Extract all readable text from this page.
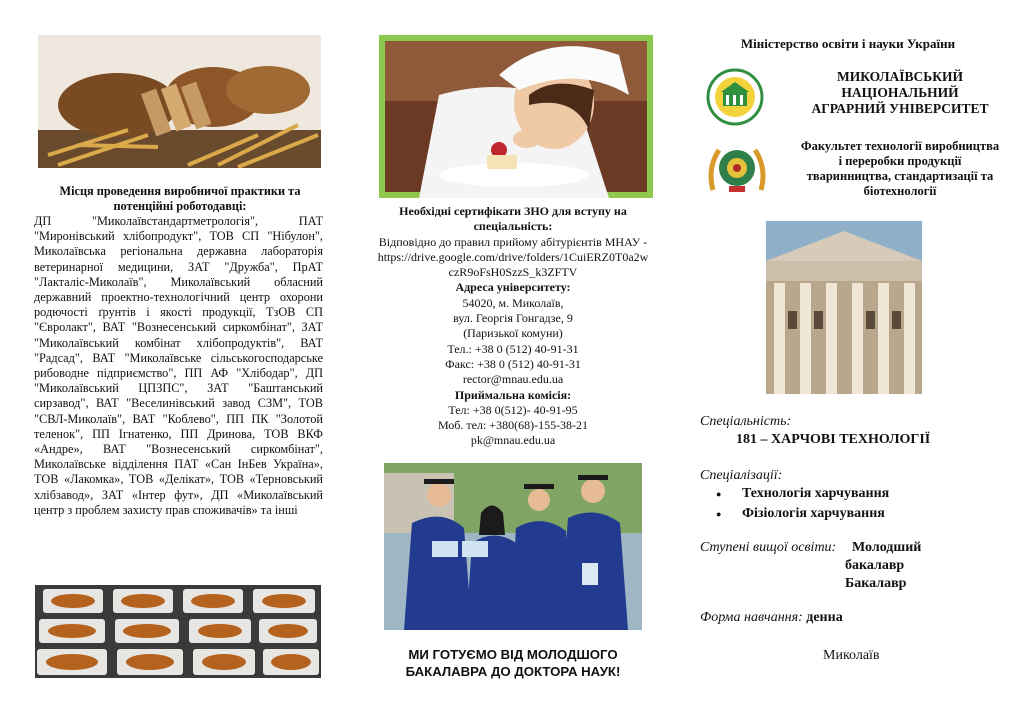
Місця проведення виробничої практики та потенційні роботодавці:
ДП "Миколаївстандартметрологія", ПАТ "Миронівський хлібопродукт", ТОВ СП "Нібулон", Миколаївська регіональна державна лабораторія ветеринарної медицини, ЗАТ "Дружба", ПрАТ "Лакталіс-Миколаїв", Миколаївський обласний державний проектно-технологічний центр охорони родючості ґрунтів і якості продукції, ТзОВ СП "Євролакт", ВАТ "Вознесенський сиркомбінат", ЗАТ "Миколаївський комбінат хлібопродуктів", ВАТ "Радсад", ВАТ "Миколаївське сільськогосподарське рибоводне підприємство", ПП АФ "Хлібодар", ДП "Миколаївський ЦПЗПС", ЗАТ "Баштанський сирзавод", ВАТ "Веселинівський завод СЗМ", ТОВ "СВЛ-Миколаїв", ВАТ "Коблево", ПП ПК "Золотой теленок", ПП Ігнатенко, ПП Дринова, ТОВ ВКФ «Андре», ВАТ "Вознесенський сиркомбінат", Миколаївське відділення ПАТ «Сан ІнБев Україна», ТОВ «Лакомка», ТОВ «Делікат», ТОВ «Терновський хлібзавод», ЗАТ «Інтер фут», ДП «Миколаївський центр з проблем захисту прав споживачів» та інші
Необхідні сертифікати ЗНО для вступу на спеціальність:
Відповідно до правил прийому абітурієнтів МНАУ -
https://drive.google.com/drive/folders/1CuiERZ0T0a2wczR9oFsH0SzzS_k3ZFTV
Адреса університету:
54020, м. Миколаїв,
вул. Георгія Гонгадзе, 9
(Паризької комуни)
Тел.: +38 0 (512) 40-91-31
Факс: +38 0 (512) 40-91-31
rector@mnau.edu.ua
Приймальна комісія:
Тел: +38 0(512)- 40-91-95
Моб. тел: +380(68)-155-38-21
pk@mnau.edu.ua
МИ ГОТУЄМО ВІД МОЛОДШОГО
БАКАЛАВРА ДО ДОКТОРА НАУК!
Міністерство освіти і науки України
МИКОЛАЇВСЬКИЙ
НАЦІОНАЛЬНИЙ
АГРАРНИЙ УНІВЕРСИТЕТ
Факультет технології виробництва і переробки продукції тваринництва, стандартизації та біотехнології
Спеціальність:
181 – ХАРЧОВІ ТЕХНОЛОГІЇ
Спеціалізації:
● Технологія харчування
● Фізіологія харчування
Ступені вищої освіти: Молодший
бакалавр
Бакалавр
Форма навчання: денна
Миколаїв
